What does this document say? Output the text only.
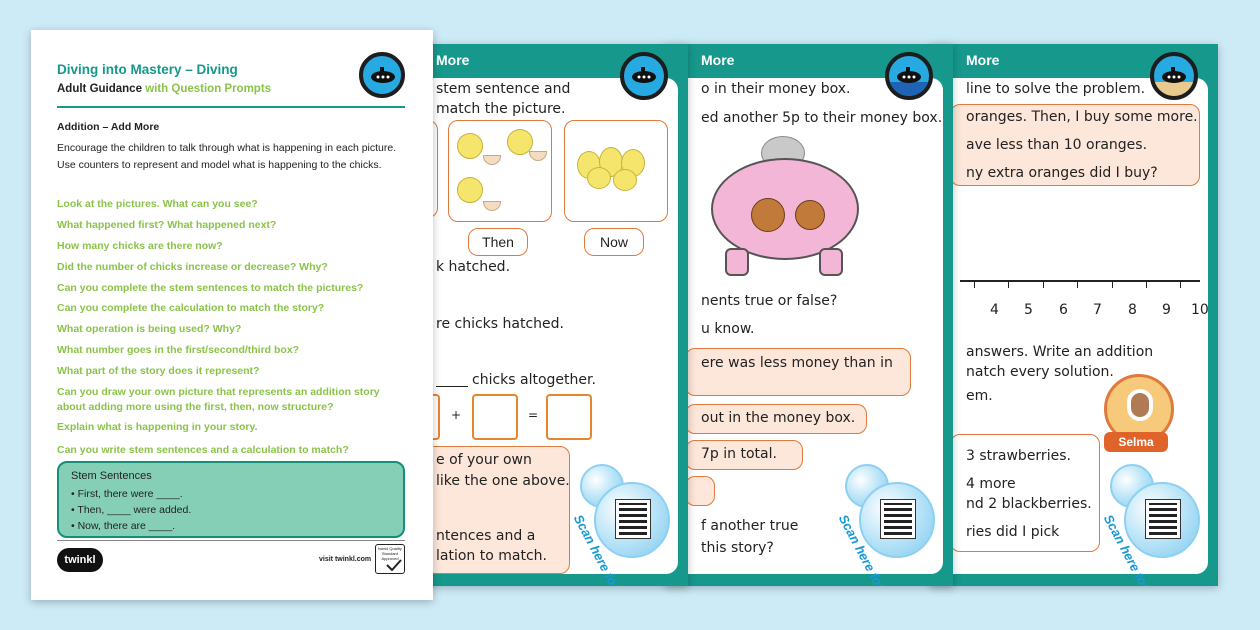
More
line to solve the problem.
oranges. Then, I buy some more.
ave less than 10 oranges.
ny extra oranges did I buy?
4 5 6 7 8 9 10
answers. Write an addition
natch every solution.
em.
Selma
3 strawberries.
4 more
nd 2 blackberries.
ries did I pick
More
o in their money box.
ed another 5p to their money box.
nents true or false?
u know.
ere was less money than in
out in the money box.
7p in total.
f another true
this story?
More
stem sentence and
match the picture.
Then	Now
k hatched.
re chicks hatched.
chicks altogether.
+	=
e of your own
like the one above.
ntences and a
lation to match.
Diving into Mastery – Diving
Adult Guidance with Question Prompts
Addition – Add More
Encourage the children to talk through what is happening in each picture. Use counters to represent and model what is happening to the chicks.
Look at the pictures. What can you see?
What happened first? What happened next?
How many chicks are there now?
Did the number of chicks increase or decrease? Why?
Can you complete the stem sentences to match the pictures?
Can you complete the calculation to match the story?
What operation is being used? Why?
What number goes in the first/second/third box?
What part of the story does it represent?
Can you draw your own picture that represents an addition story about adding more using the first, then, now structure?
Explain what is happening in your story.
Can you write stem sentences and a calculation to match?
Stem Sentences
• First, there were ____.
• Then, ____ were added.
• Now, there are ____.
twinkl	visit twinkl.com
twinkl Quality Standard Approved
